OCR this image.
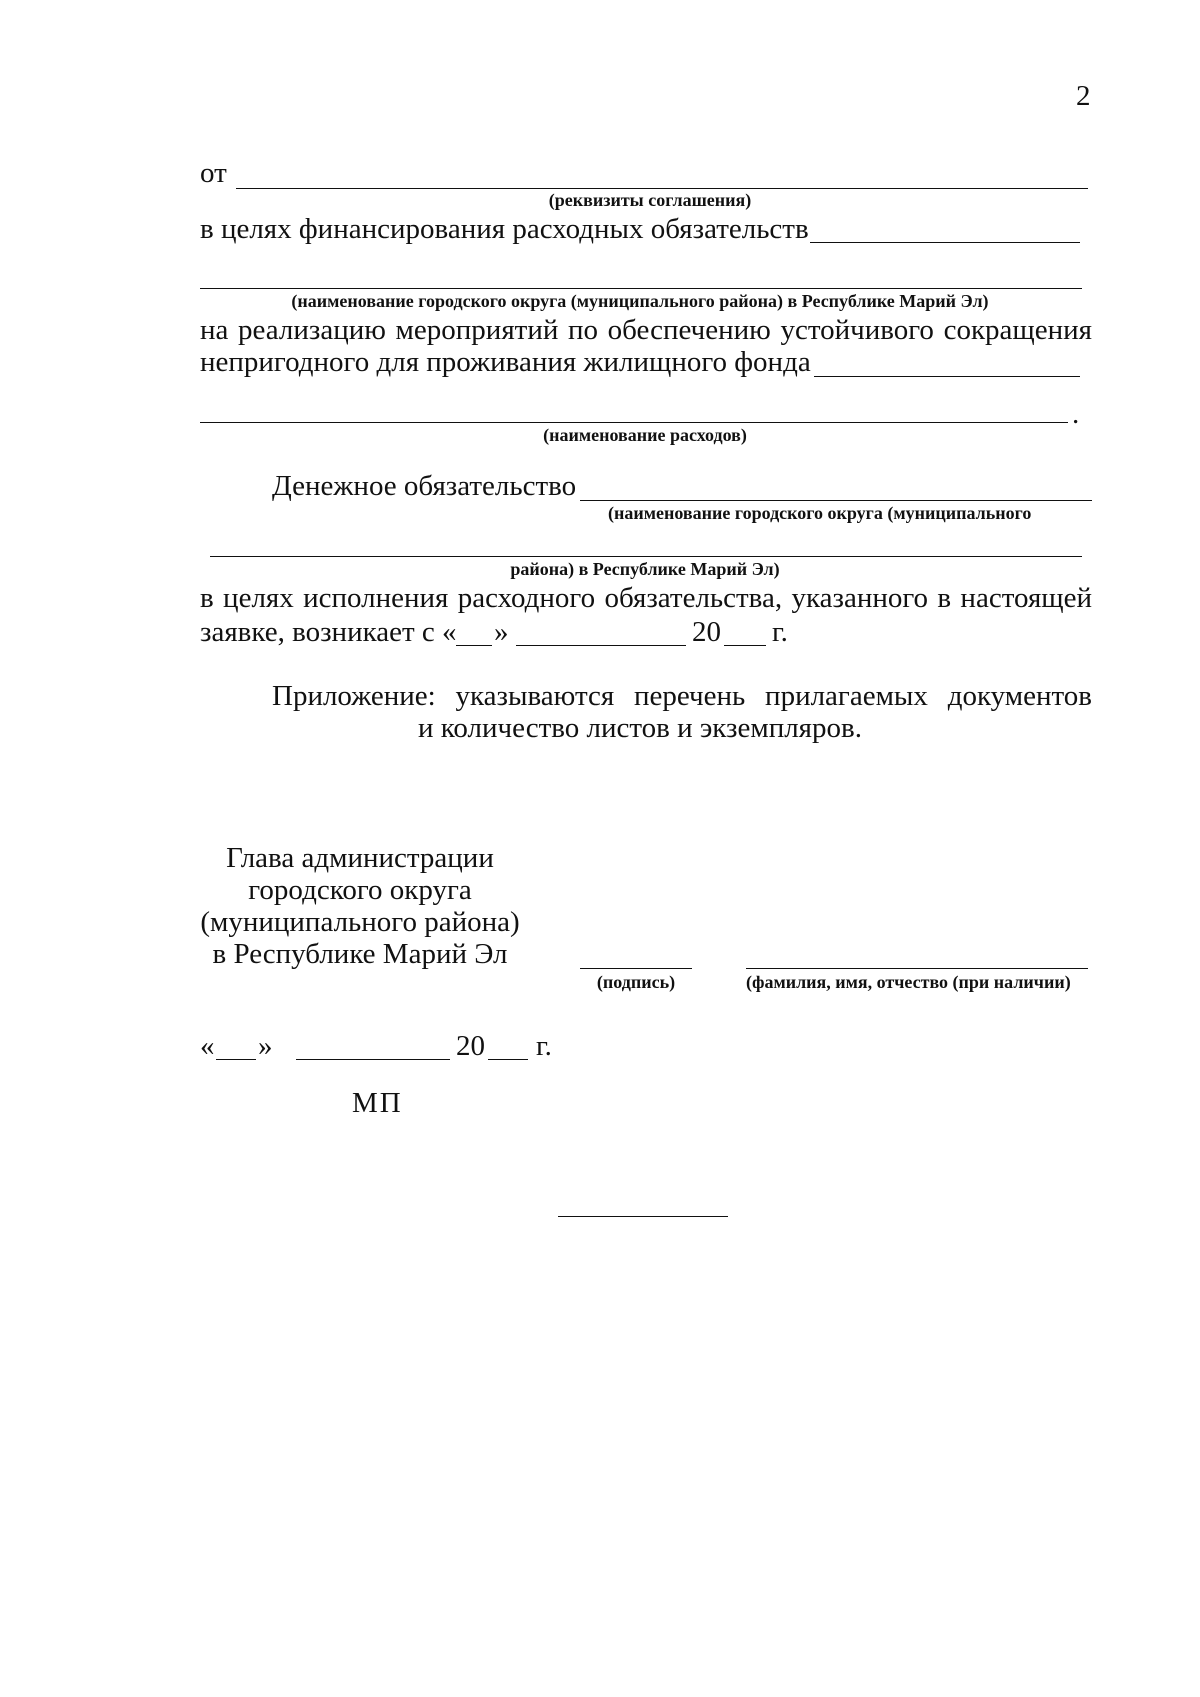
2
от
(реквизиты соглашения)
в целях финансирования расходных обязательств
(наименование городского округа (муниципального района) в Республике Марий Эл)
на реализацию мероприятий по обеспечению устойчивого сокращения
непригодного для проживания жилищного фонда
.
(наименование расходов)
Денежное обязательство
(наименование городского округа (муниципального
района) в Республике Марий Эл)
в целях исполнения расходного обязательства, указанного в настоящей
заявке, возникает с « »	20 г.
Приложение: указываются перечень прилагаемых документов
и количество листов и экземпляров.
Глава администрации
городского округа
(муниципального района)
в Республике Марий Эл
(подпись)	(фамилия, имя, отчество (при наличии)
« »	20 г.
МП
